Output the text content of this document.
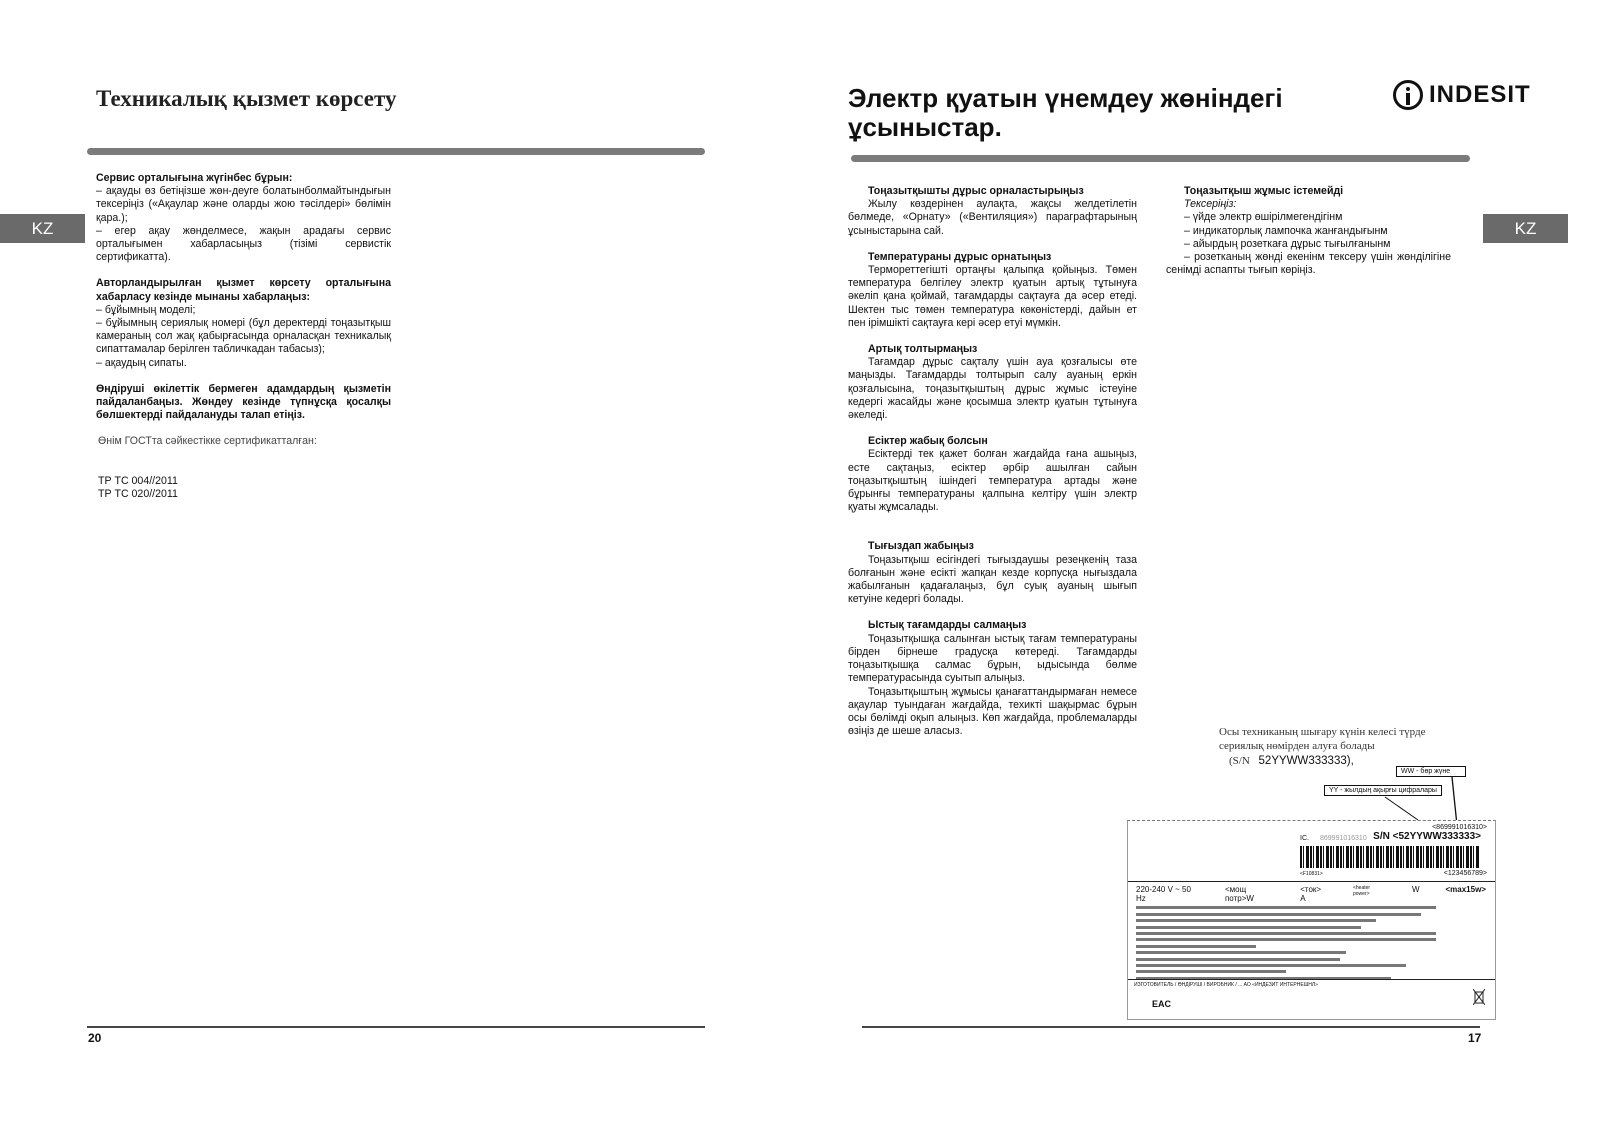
Техникалық қызмет көрсету
KZ

Сервис орталығына жүгінбес бұрын:

– ақауды өз бетіңізше жөн-деуге болатынболмайтындығын тексеріңіз («Ақаулар және оларды жою тәсілдері» бөлімін қара.);

– егер ақау жөнделмесе, жақын арадағы сервис орталығымен хабарласыңыз (тізімі сервистік сертификатта).

Авторландырылған қызмет көрсету орталығына хабарласу кезінде мынаны хабарлаңыз:

– бұйымның моделі;

– бұйымның сериялық номері (бұл деректерді тоңазытқыш камераның сол жақ қабырғасында орналасқан техникалық сипаттамалар берілген табличкадан табасыз);

– ақаудың сипаты.

Өндіруші өкілеттік бермеген адамдардың қызметін пайдаланбаңыз. Жөндеу кезінде түпнұсқа қосалқы бөлшектерді пайдалануды талап етіңіз.

Өнім ГОСТта сәйкестікке сертификатталған:

ТР ТС 004//2011

ТР ТС 020//2011

20
Электр қуатын үнемдеу жөніндегі ұсыныстар.
INDESIT
KZ

Тоңазытқышты дұрыс орналастырыңыз

Жылу көздерінен аулақта, жақсы желдетілетін бөлмеде, «Орнату» («Вентиляция») параграфтарының ұсыныстарына сай.

Температураны дұрыс орнатыңыз

Термореттегішті ортаңғы қалыпқа қойыңыз. Төмен температура белгілеу электр қуатын артық тұтынуға әкеліп қана қоймай, тағамдарды сақтауға да әсер етеді. Шектен тыс төмен температура көкөністерді, дайын ет пен ірімшікті сақтауға кері әсер етуі мүмкін.

Артық толтырмаңыз

Тағамдар дұрыс сақталу үшін ауа қозғалысы өте маңызды. Тағамдарды толтырып салу ауаның еркін қозғалысына, тоңазытқыштың дұрыс жұмыс істеуіне кедергі жасайды және қосымша электр қуатын тұтынуға әкеледі.

Есіктер жабық болсын

Есіктерді тек қажет болған жағдайда ғана ашыңыз, есте сақтаңыз, есіктер әрбір ашылған сайын тоңазытқыштың ішіндегі температура артады және бұрынғы температураны қалпына келтіру үшін электр қуаты жұмсалады.

Тығыздап жабыңыз

Тоңазытқыш есігіндегі тығыздаушы резеңкенің таза болғанын және есікті жапқан кезде корпусқа нығыздала жабылғанын қадағалаңыз, бұл суық ауаның шығып кетуіне кедергі болады.

Ыстық тағамдарды салмаңыз

Тоңазытқышқа салынған ыстық тағам температураны бірден бірнеше градусқа көтереді. Тағамдарды тоңазытқышқа салмас бұрын, ыдысында бөлме температурасында суытып алыңыз.

Тоңазытқыштың жұмысы қанағаттандырмаған немесе ақаулар туындаған жағдайда, техикті шақырмас бұрын осы бөлімді оқып алыңыз. Көп жағдайда, проблемаларды өзіңіз де шеше аласыз.

Тоңазытқыш жұмыс істемейді

Тексеріңіз:

– үйде электр өшірілмегендігінм

– индикаторлық лампочка жанғандығынм

– айырдың розеткаға дұрыс тығылғанынм

– розетканың жөнді екенінм тексеру үшін жөнділігіне сенімді аспапты тығып көріңіз.

Осы техниканың шығару күнін келесі түрде
сериялық нөмірден алуға болады
(S/N 52YYWW333333),
WW - бөр жүне
YY - жылдың ақырғы цифралары
<869991016310>
IC. 869991016310 S/N <52YYWW333333>
<F10831>	<123456789>
220-240 V ~ 50 Hz
<мощ потр>W
<ток> A
<heater power>	W	<max15w>
ИЗГОТОВИТЕЛЬ / ӨНДІРУШІ / ВИРОБНИК / ... АО «ИНДЕЗИТ ИНТЕРНЕШНЛ»
EAC
17
